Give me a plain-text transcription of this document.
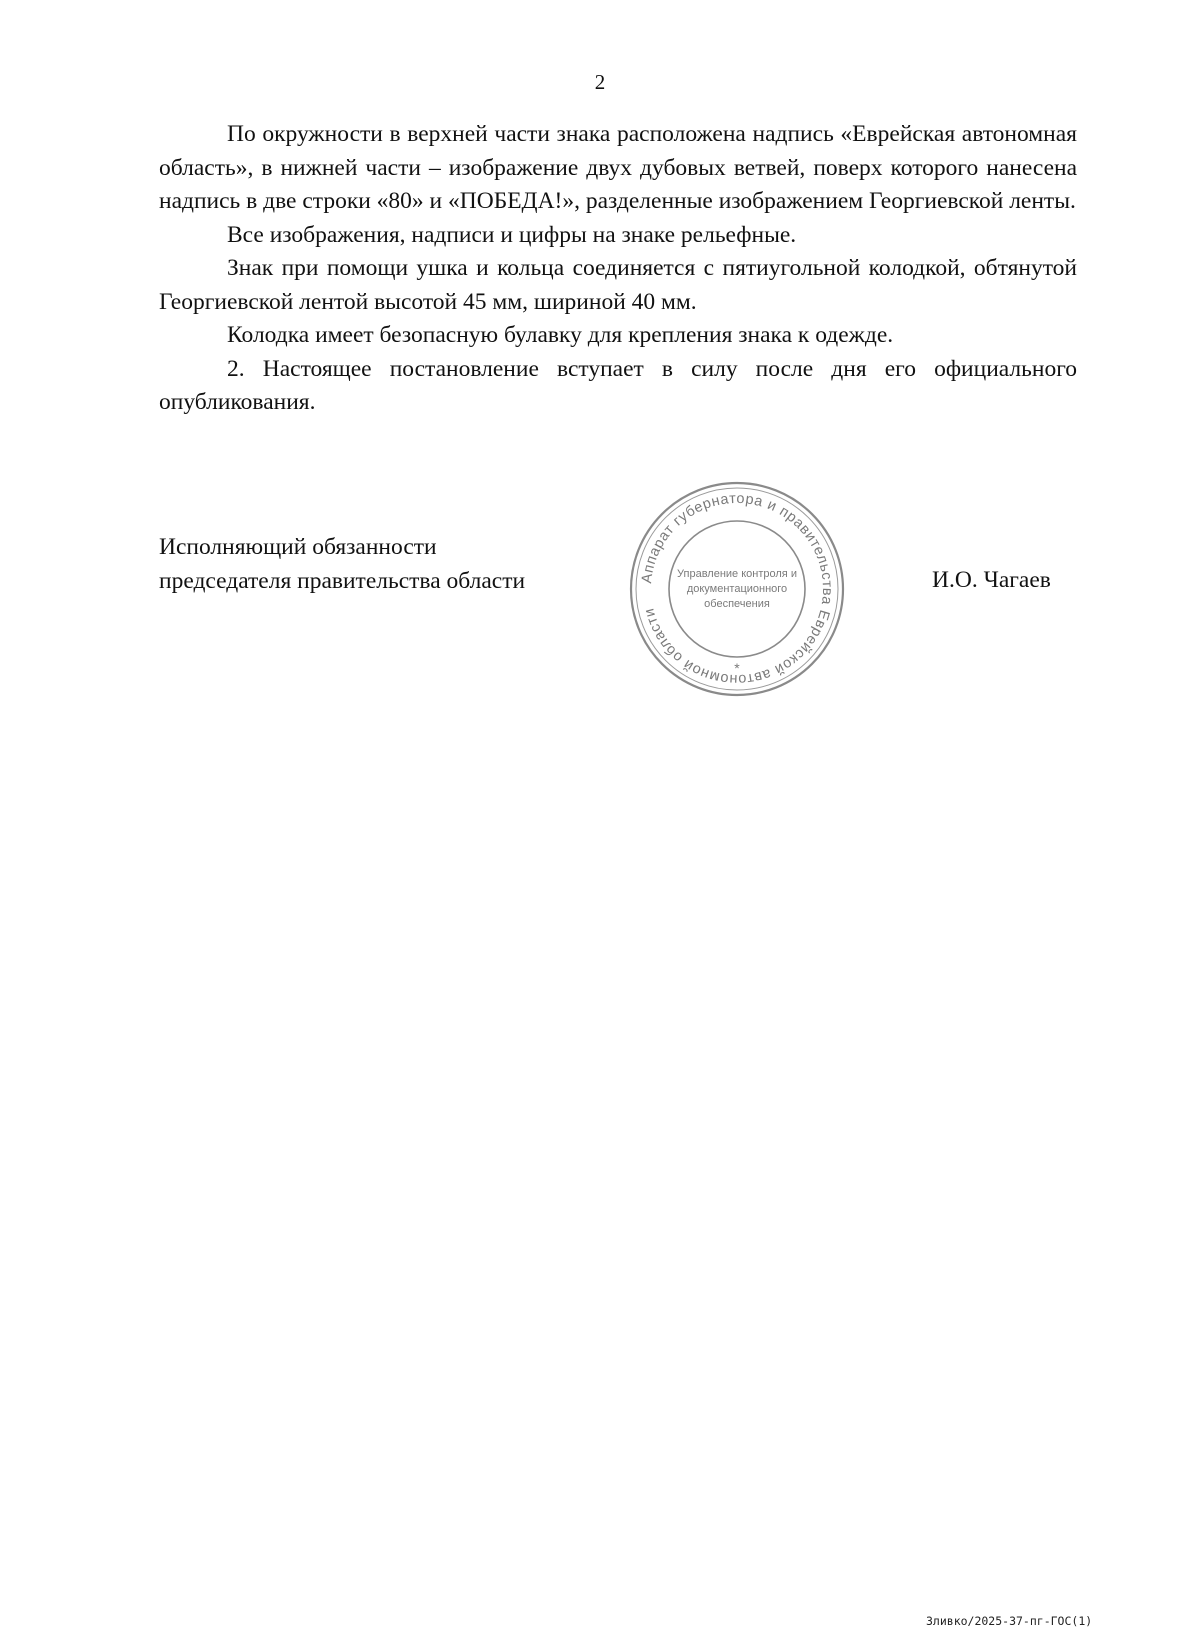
2

По окружности в верхней части знака расположена надпись «Еврейская автономная область», в нижней части – изображение двух дубовых ветвей, поверх которого нанесена надпись в две строки «80» и «ПОБЕДА!», разделенные изображением Георгиевской ленты.

Все изображения, надписи и цифры на знаке рельефные.

Знак при помощи ушка и кольца соединяется с пятиугольной колодкой, обтянутой Георгиевской лентой высотой 45 мм, шириной 40 мм.

Колодка имеет безопасную булавку для крепления знака к одежде.

2. Настоящее постановление вступает в силу после дня его официального опубликования.

Исполняющий обязанности
председателя правительства области	Аппарат губернатора и правительства Еврейской автономной области
Управление контроля и
документационного
обеспечения
*
И.О. Чагаев
Зливко/2025-37-пг-ГОС(1)
